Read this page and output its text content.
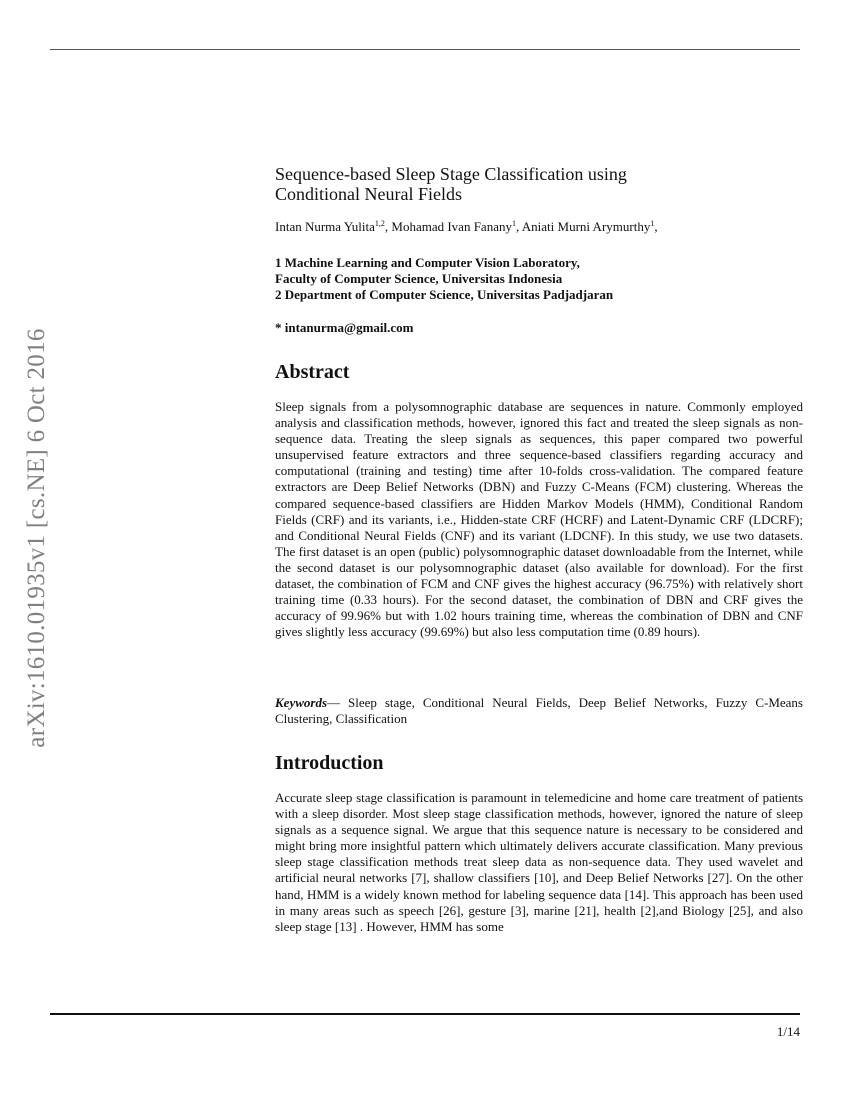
arXiv:1610.01935v1 [cs.NE] 6 Oct 2016
Sequence-based Sleep Stage Classification using
Conditional Neural Fields
Intan Nurma Yulita$^{1,2}$, Mohamad Ivan Fanany$^1$, Aniati Murni Arymurthy$^1$,
1 Machine Learning and Computer Vision Laboratory,
Faculty of Computer Science, Universitas Indonesia
2 Department of Computer Science, Universitas Padjadjaran
* intanurma@gmail.com
Abstract

Sleep signals from a polysomnographic database are sequences in nature. Commonly employed analysis and classification methods, however, ignored this fact and treated the sleep signals as non-sequence data. Treating the sleep signals as sequences, this paper compared two powerful unsupervised feature extractors and three sequence-based classifiers regarding accuracy and computational (training and testing) time after 10-folds cross-validation. The compared feature extractors are Deep Belief Networks (DBN) and Fuzzy C-Means (FCM) clustering. Whereas the compared sequence-based classifiers are Hidden Markov Models (HMM), Conditional Random Fields (CRF) and its variants, i.e., Hidden-state CRF (HCRF) and Latent-Dynamic CRF (LDCRF); and Conditional Neural Fields (CNF) and its variant (LDCNF). In this study, we use two datasets. The first dataset is an open (public) polysomnographic dataset downloadable from the Internet, while the second dataset is our polysomnographic dataset (also available for download). For the first dataset, the combination of FCM and CNF gives the highest accuracy (96.75%) with relatively short training time (0.33 hours). For the second dataset, the combination of DBN and CRF gives the accuracy of 99.96% but with 1.02 hours training time, whereas the combination of DBN and CNF gives slightly less accuracy (99.69%) but also less computation time (0.89 hours).

Keywords— Sleep stage, Conditional Neural Fields, Deep Belief Networks, Fuzzy C-Means Clustering, Classification

Introduction

Accurate sleep stage classification is paramount in telemedicine and home care treatment of patients with a sleep disorder. Most sleep stage classification methods, however, ignored the nature of sleep signals as a sequence signal. We argue that this sequence nature is necessary to be considered and might bring more insightful pattern which ultimately delivers accurate classification. Many previous sleep stage classification methods treat sleep data as non-sequence data. They used wavelet and artificial neural networks [7], shallow classifiers [10], and Deep Belief Networks [27]. On the other hand, HMM is a widely known method for labeling sequence data [14]. This approach has been used in many areas such as speech [26], gesture [3], marine [21], health [2],and Biology [25], and also sleep stage [13] . However, HMM has some

1/14
